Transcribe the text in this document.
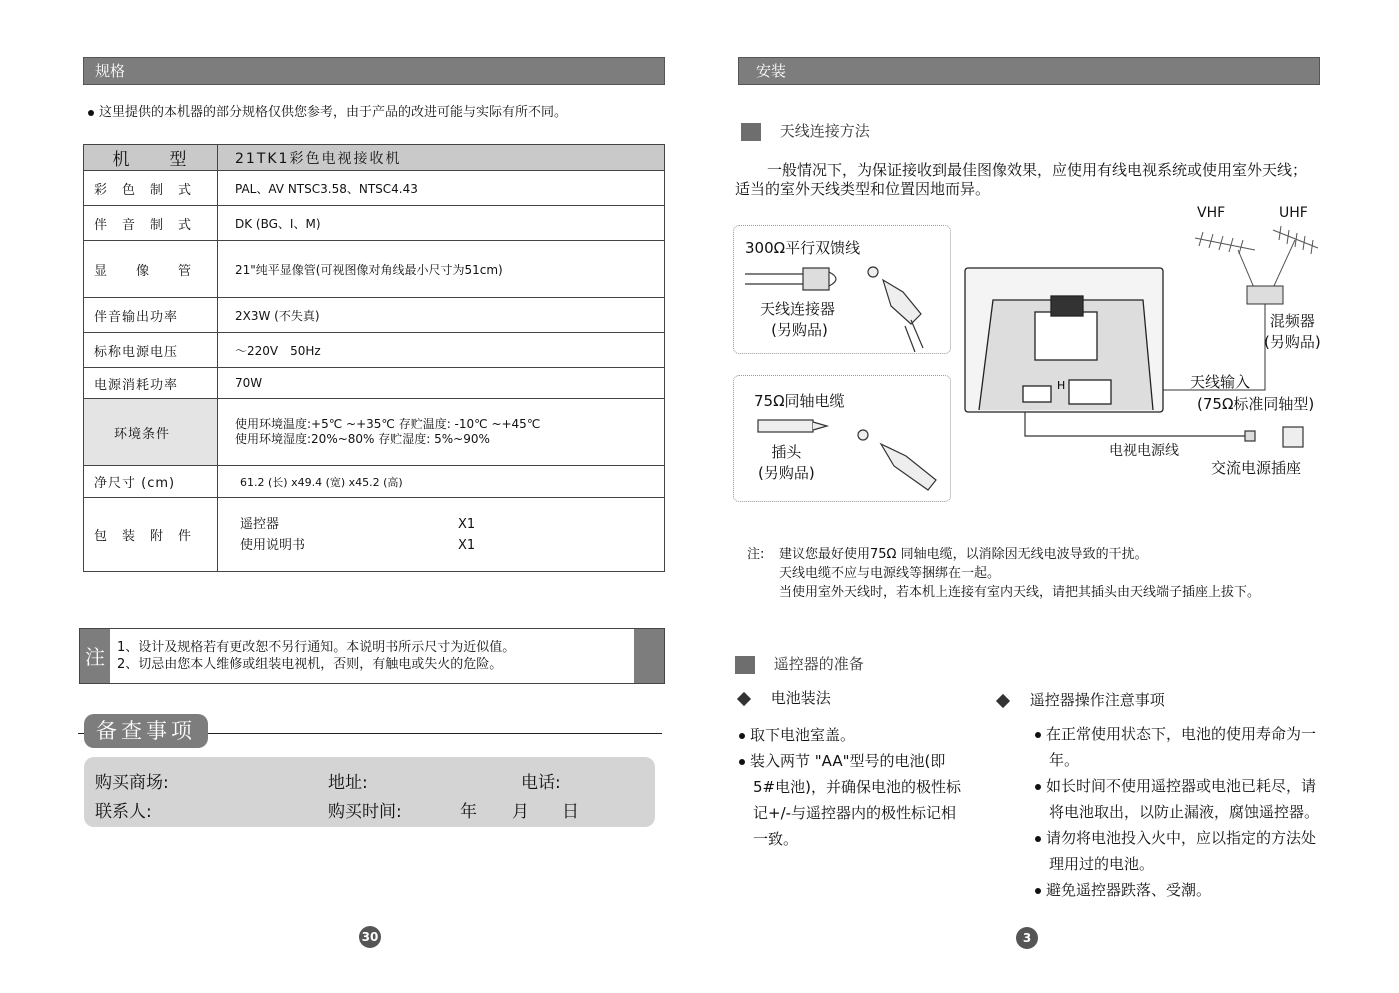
规格
这里提供的本机器的部分规格仅供您参考，由于产品的改进可能与实际有所不同。
机　　型	21TK1彩色电视接收机
彩　色　制　式	PAL、AV NTSC3.58、NTSC4.43
伴　音　制　式	DK (BG、I、M)
显　　像　　管	21"纯平显像管(可视图像对角线最小尺寸为51cm)
伴音输出功率	2X3W (不失真)
标称电源电压	～220V　50Hz
电源消耗功率	70W
环境条件	使用环境温度:+5℃ ~+35℃ 存贮温度: -10℃ ~+45℃
使用环境湿度:20%~80% 存贮湿度: 5%~90%

净尺寸 (cm)	61.2 (长) x49.4 (宽) x45.2 (高)
包　装　附　件	遥控器 X1
使用说明书 X1
注 1、设计及规格若有更改恕不另行通知。本说明书所示尺寸为近似值。
2、切忌由您本人维修或组装电视机，否则，有触电或失火的危险。
备查事项
购买商场:	地址:	电话:
联系人:	购买时间:	年 月 日
30
安装
天线连接方法
一般情况下，为保证接收到最佳图像效果，应使用有线电视系统或使用室外天线；适当的室外天线类型和位置因地而异。
300Ω平行双馈线
天线连接器
(另购品)
75Ω同轴电缆
插头
(另购品)
VHF	UHF
混频器
(另购品)
天线输入
(75Ω标准同轴型)
电视电源线
交流电源插座
H
注: 建议您最好使用75Ω 同轴电缆，以消除因无线电波导致的干扰。
天线电缆不应与电源线等捆绑在一起。
当使用室外天线时，若本机上连接有室内天线，请把其插头由天线端子插座上拔下。
遥控器的准备
电池装法
取下电池室盖。
装入两节 "AA"型号的电池(即5#电池)，并确保电池的极性标记+/-与遥控器内的极性标记相一致。
遥控器操作注意事项
在正常使用状态下，电池的使用寿命为一年。
如长时间不使用遥控器或电池已耗尽，请将电池取出，以防止漏液，腐蚀遥控器。
请勿将电池投入火中，应以指定的方法处理用过的电池。
避免遥控器跌落、受潮。
3
